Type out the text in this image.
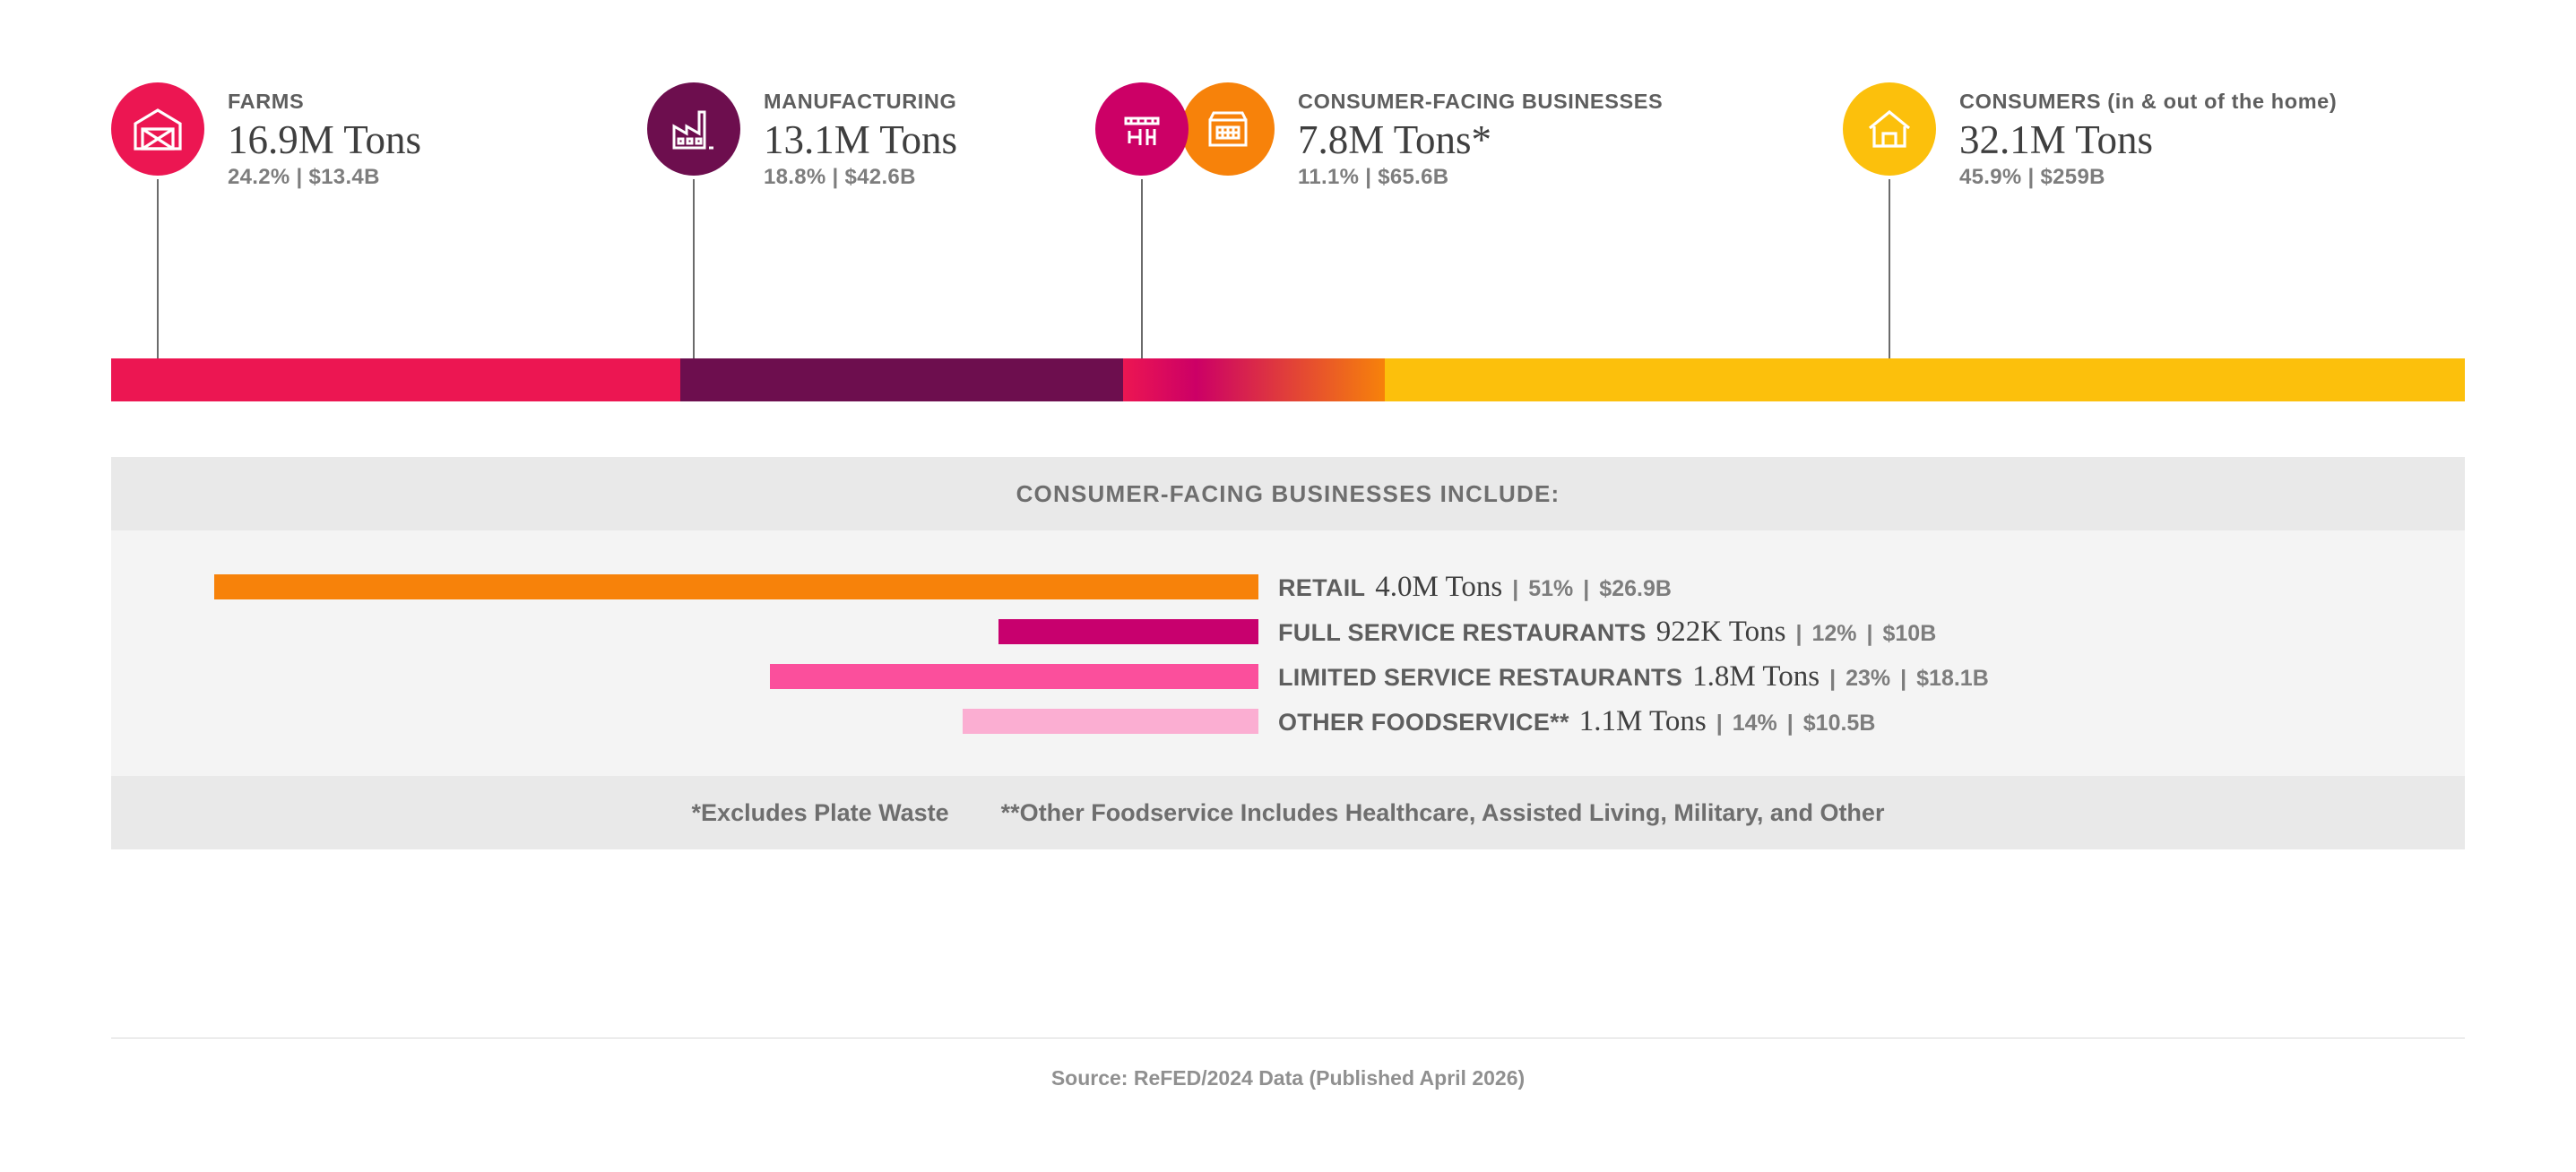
FARMS
16.9M Tons
24.2% | $13.4B
MANUFACTURING
13.1M Tons
18.8% | $42.6B
CONSUMER-FACING BUSINESSES
7.8M Tons*
11.1% | $65.6B
CONSUMERS (in & out of the home)
32.1M Tons
45.9% | $259B
CONSUMER-FACING BUSINESSES INCLUDE:
RETAIL 4.0M Tons | 51% | $26.9B
FULL SERVICE RESTAURANTS 922K Tons | 12% | $10B
LIMITED SERVICE RESTAURANTS 1.8M Tons | 23% | $18.1B
OTHER FOODSERVICE** 1.1M Tons | 14% | $10.5B
*Excludes Plate Waste **Other Foodservice Includes Healthcare, Assisted Living, Military, and Other
Source: ReFED/2024 Data (Published April 2026)
